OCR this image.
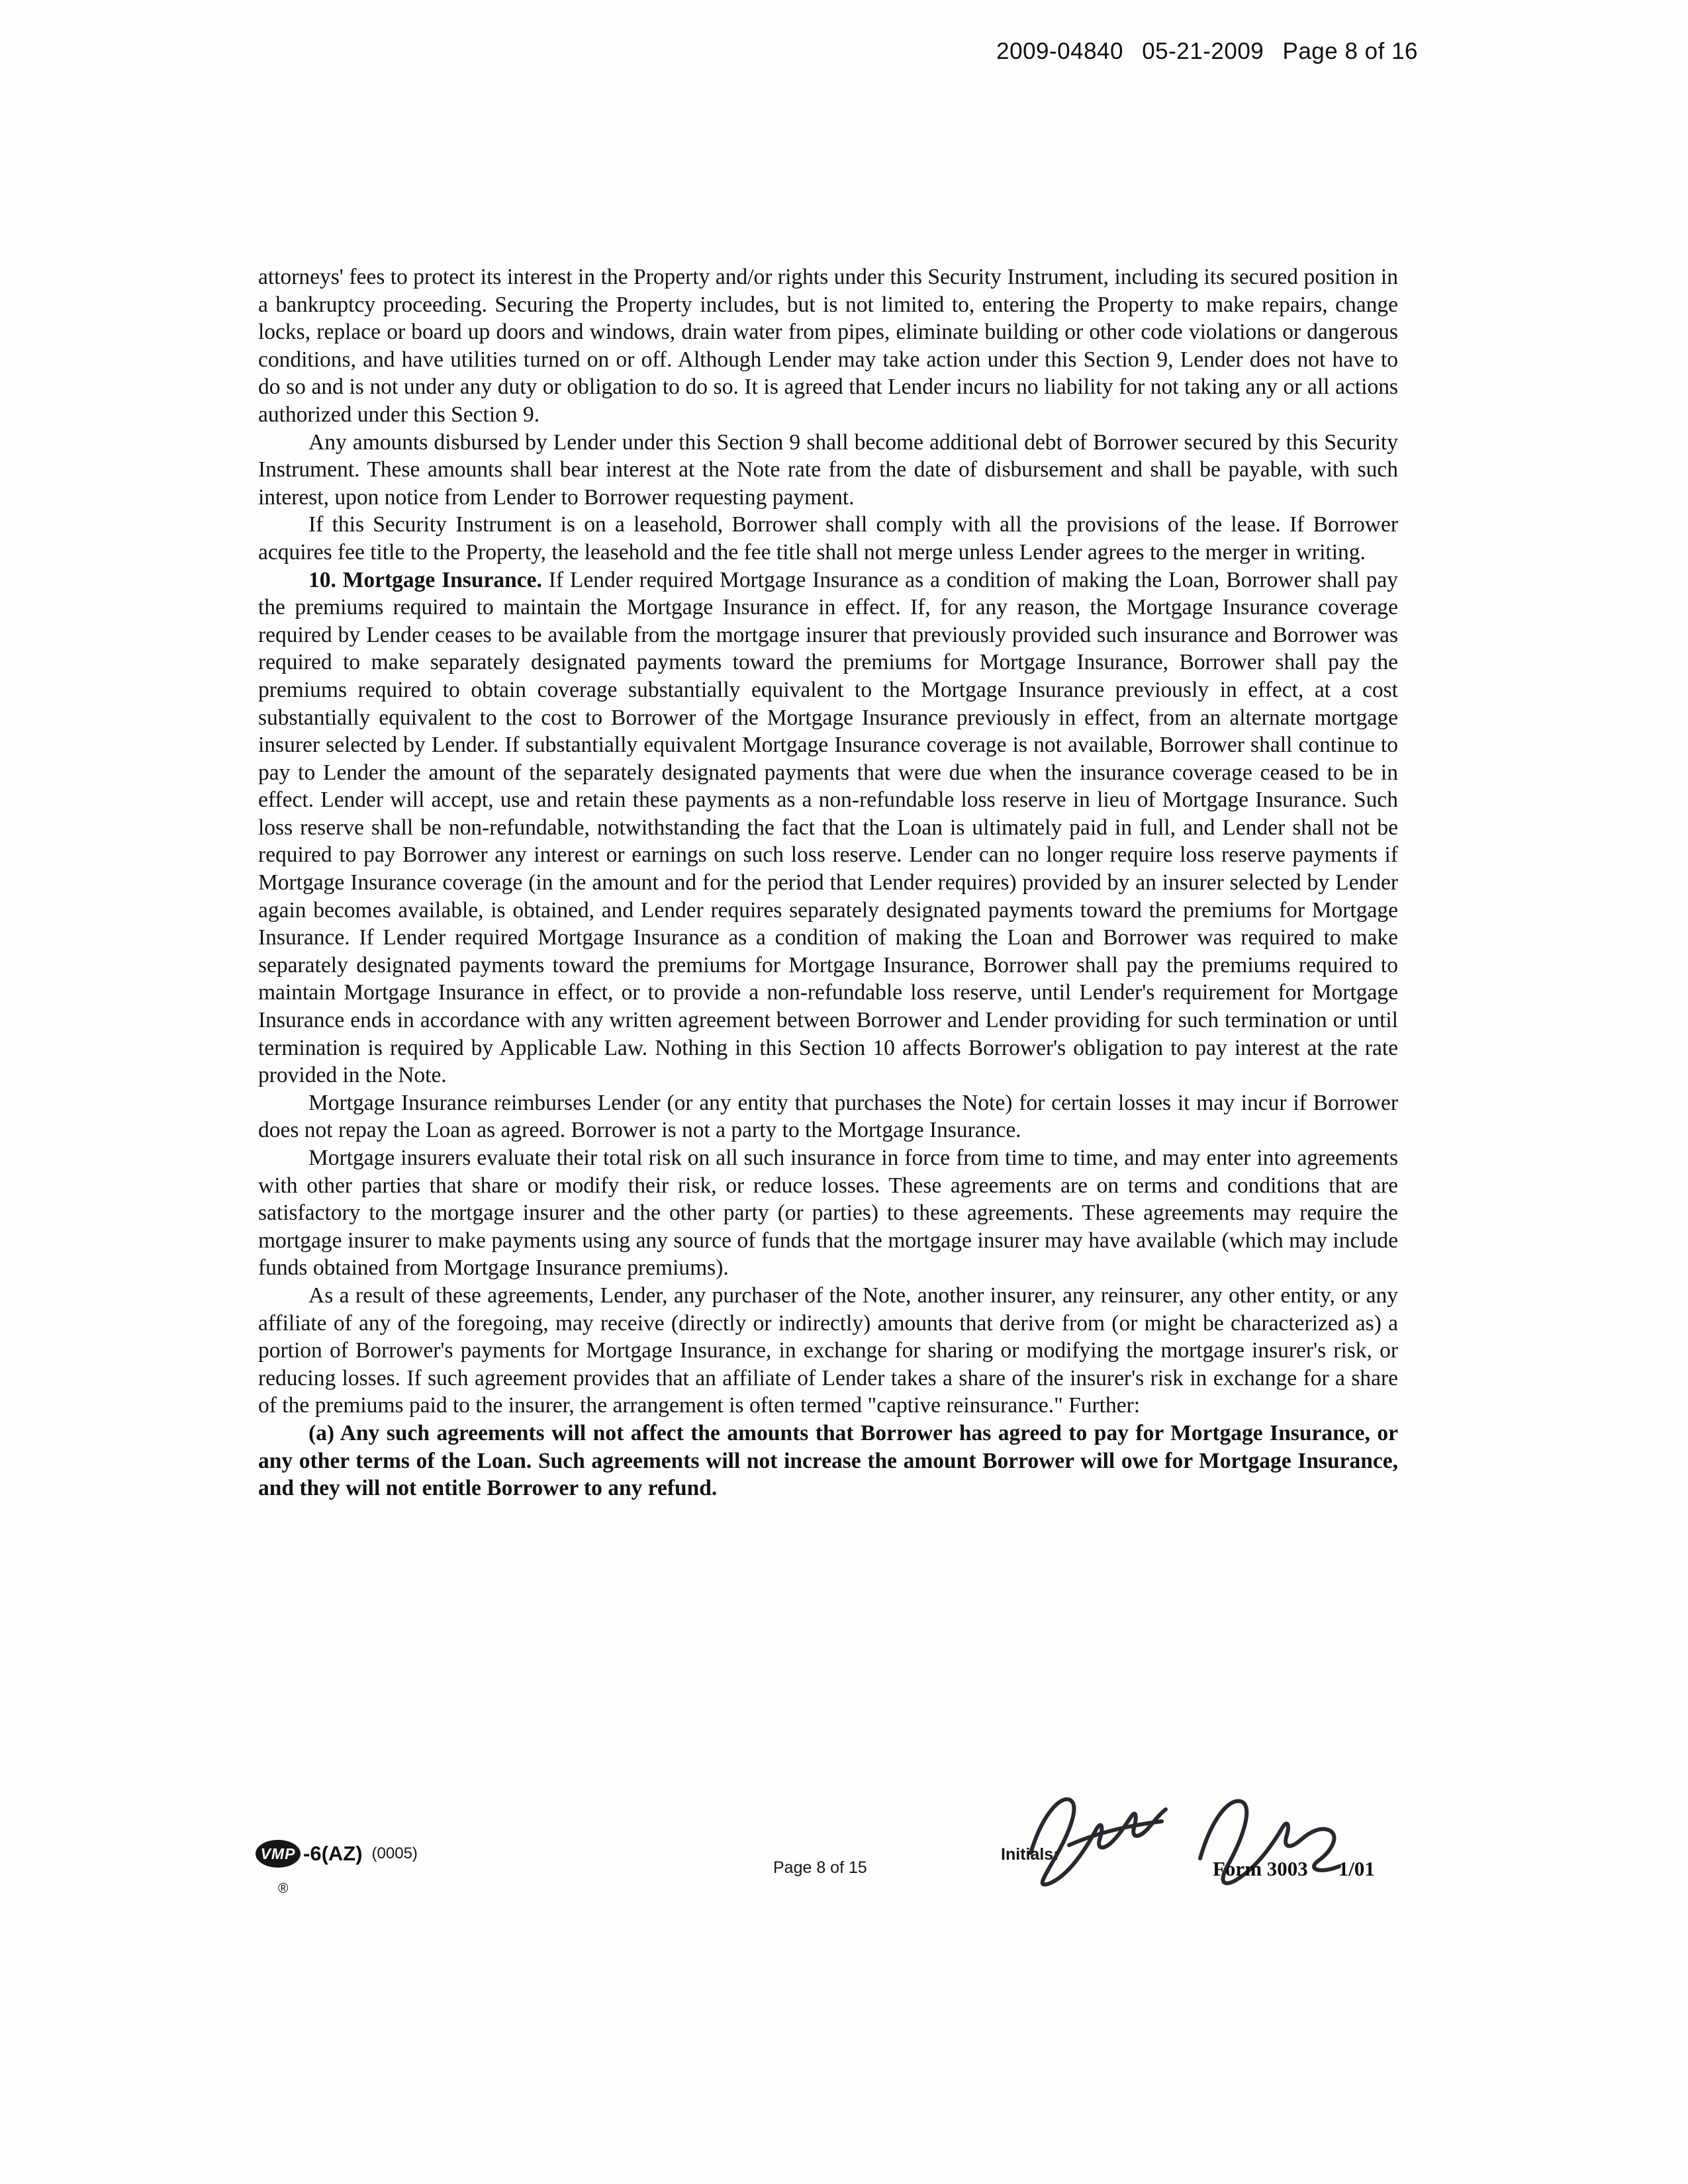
2009-04840 05-21-2009 Page 8 of 16

attorneys' fees to protect its interest in the Property and/or rights under this Security Instrument, including its secured position in a bankruptcy proceeding. Securing the Property includes, but is not limited to, entering the Property to make repairs, change locks, replace or board up doors and windows, drain water from pipes, eliminate building or other code violations or dangerous conditions, and have utilities turned on or off. Although Lender may take action under this Section 9, Lender does not have to do so and is not under any duty or obligation to do so. It is agreed that Lender incurs no liability for not taking any or all actions authorized under this Section 9.

Any amounts disbursed by Lender under this Section 9 shall become additional debt of Borrower secured by this Security Instrument. These amounts shall bear interest at the Note rate from the date of disbursement and shall be payable, with such interest, upon notice from Lender to Borrower requesting payment.

If this Security Instrument is on a leasehold, Borrower shall comply with all the provisions of the lease. If Borrower acquires fee title to the Property, the leasehold and the fee title shall not merge unless Lender agrees to the merger in writing.

10. Mortgage Insurance. If Lender required Mortgage Insurance as a condition of making the Loan, Borrower shall pay the premiums required to maintain the Mortgage Insurance in effect. If, for any reason, the Mortgage Insurance coverage required by Lender ceases to be available from the mortgage insurer that previously provided such insurance and Borrower was required to make separately designated payments toward the premiums for Mortgage Insurance, Borrower shall pay the premiums required to obtain coverage substantially equivalent to the Mortgage Insurance previously in effect, at a cost substantially equivalent to the cost to Borrower of the Mortgage Insurance previously in effect, from an alternate mortgage insurer selected by Lender. If substantially equivalent Mortgage Insurance coverage is not available, Borrower shall continue to pay to Lender the amount of the separately designated payments that were due when the insurance coverage ceased to be in effect. Lender will accept, use and retain these payments as a non-refundable loss reserve in lieu of Mortgage Insurance. Such loss reserve shall be non-refundable, notwithstanding the fact that the Loan is ultimately paid in full, and Lender shall not be required to pay Borrower any interest or earnings on such loss reserve. Lender can no longer require loss reserve payments if Mortgage Insurance coverage (in the amount and for the period that Lender requires) provided by an insurer selected by Lender again becomes available, is obtained, and Lender requires separately designated payments toward the premiums for Mortgage Insurance. If Lender required Mortgage Insurance as a condition of making the Loan and Borrower was required to make separately designated payments toward the premiums for Mortgage Insurance, Borrower shall pay the premiums required to maintain Mortgage Insurance in effect, or to provide a non-refundable loss reserve, until Lender's requirement for Mortgage Insurance ends in accordance with any written agreement between Borrower and Lender providing for such termination or until termination is required by Applicable Law. Nothing in this Section 10 affects Borrower's obligation to pay interest at the rate provided in the Note.

Mortgage Insurance reimburses Lender (or any entity that purchases the Note) for certain losses it may incur if Borrower does not repay the Loan as agreed. Borrower is not a party to the Mortgage Insurance.

Mortgage insurers evaluate their total risk on all such insurance in force from time to time, and may enter into agreements with other parties that share or modify their risk, or reduce losses. These agreements are on terms and conditions that are satisfactory to the mortgage insurer and the other party (or parties) to these agreements. These agreements may require the mortgage insurer to make payments using any source of funds that the mortgage insurer may have available (which may include funds obtained from Mortgage Insurance premiums).

As a result of these agreements, Lender, any purchaser of the Note, another insurer, any reinsurer, any other entity, or any affiliate of any of the foregoing, may receive (directly or indirectly) amounts that derive from (or might be characterized as) a portion of Borrower's payments for Mortgage Insurance, in exchange for sharing or modifying the mortgage insurer's risk, or reducing losses. If such agreement provides that an affiliate of Lender takes a share of the insurer's risk in exchange for a share of the premiums paid to the insurer, the arrangement is often termed "captive reinsurance." Further:

(a) Any such agreements will not affect the amounts that Borrower has agreed to pay for Mortgage Insurance, or any other terms of the Loan. Such agreements will not increase the amount Borrower will owe for Mortgage Insurance, and they will not entitle Borrower to any refund.

VMP -6(AZ) (0005)
®
Page 8 of 15
Initials:
Form 3003 1/01
